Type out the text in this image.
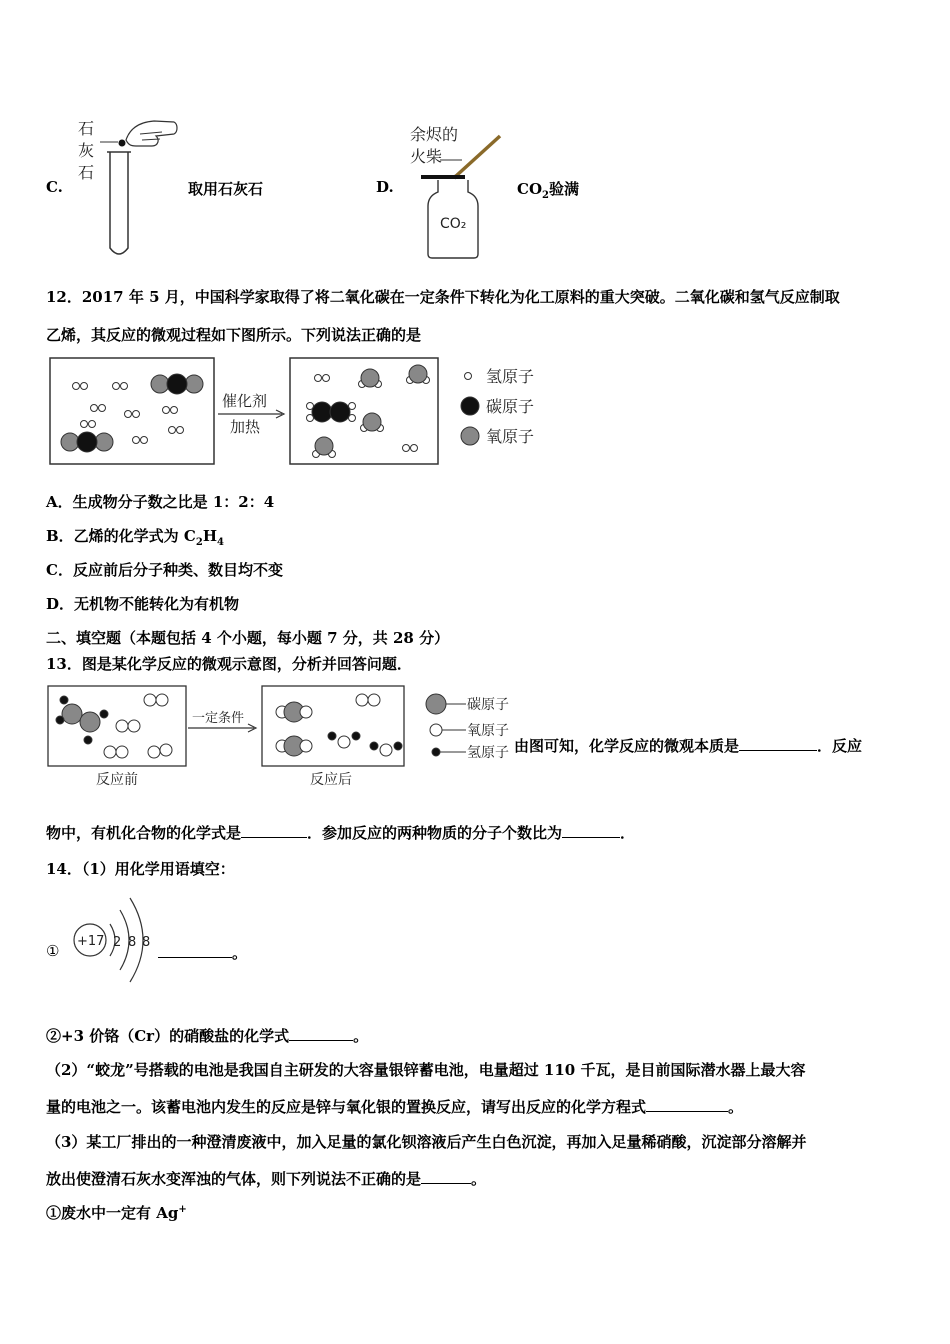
C.
石
灰
石
取用石灰石	D.
余烬的
火柴
CO₂
$CO_2$验满
12．2017 年 5 月，中国科学家取得了将二氧化碳在一定条件下转化为化工原料的重大突破。二氧化碳和氢气反应制取
乙烯，其反应的微观过程如下图所示。下列说法正确的是
催化剂
加热
氢原子
碳原子
氧原子
A．生成物分子数之比是 1：2：4
B．乙烯的化学式为 $C_2H_4$
C．反应前后分子种类、数目均不变
D．无机物不能转化为有机物
二、填空题（本题包括 4 个小题，每小题 7 分，共 28 分）
13．图是某化学反应的微观示意图，分析并回答问题．
反应前
一定条件
反应后
碳原子
氧原子
氢原子 由图可知，化学反应的微观本质是	．反应
物中，有机化合物的化学式是	．参加反应的两种物质的分子个数比为	．
14．（1）用化学用语填空：
①
+17 2 8 8
。
②+3 价铬（Cr）的硝酸盐的化学式	。
（2）“蛟龙”号搭载的电池是我国自主研发的大容量银锌蓄电池，电量超过 110 千瓦，是目前国际潜水器上最大容
量的电池之一。该蓄电池内发生的反应是锌与氧化银的置换反应，请写出反应的化学方程式	。
（3）某工厂排出的一种澄清废液中，加入足量的氯化钡溶液后产生白色沉淀，再加入足量稀硝酸，沉淀部分溶解并
放出使澄清石灰水变浑浊的气体，则下列说法不正确的是	。
①废水中一定有 Ag+
